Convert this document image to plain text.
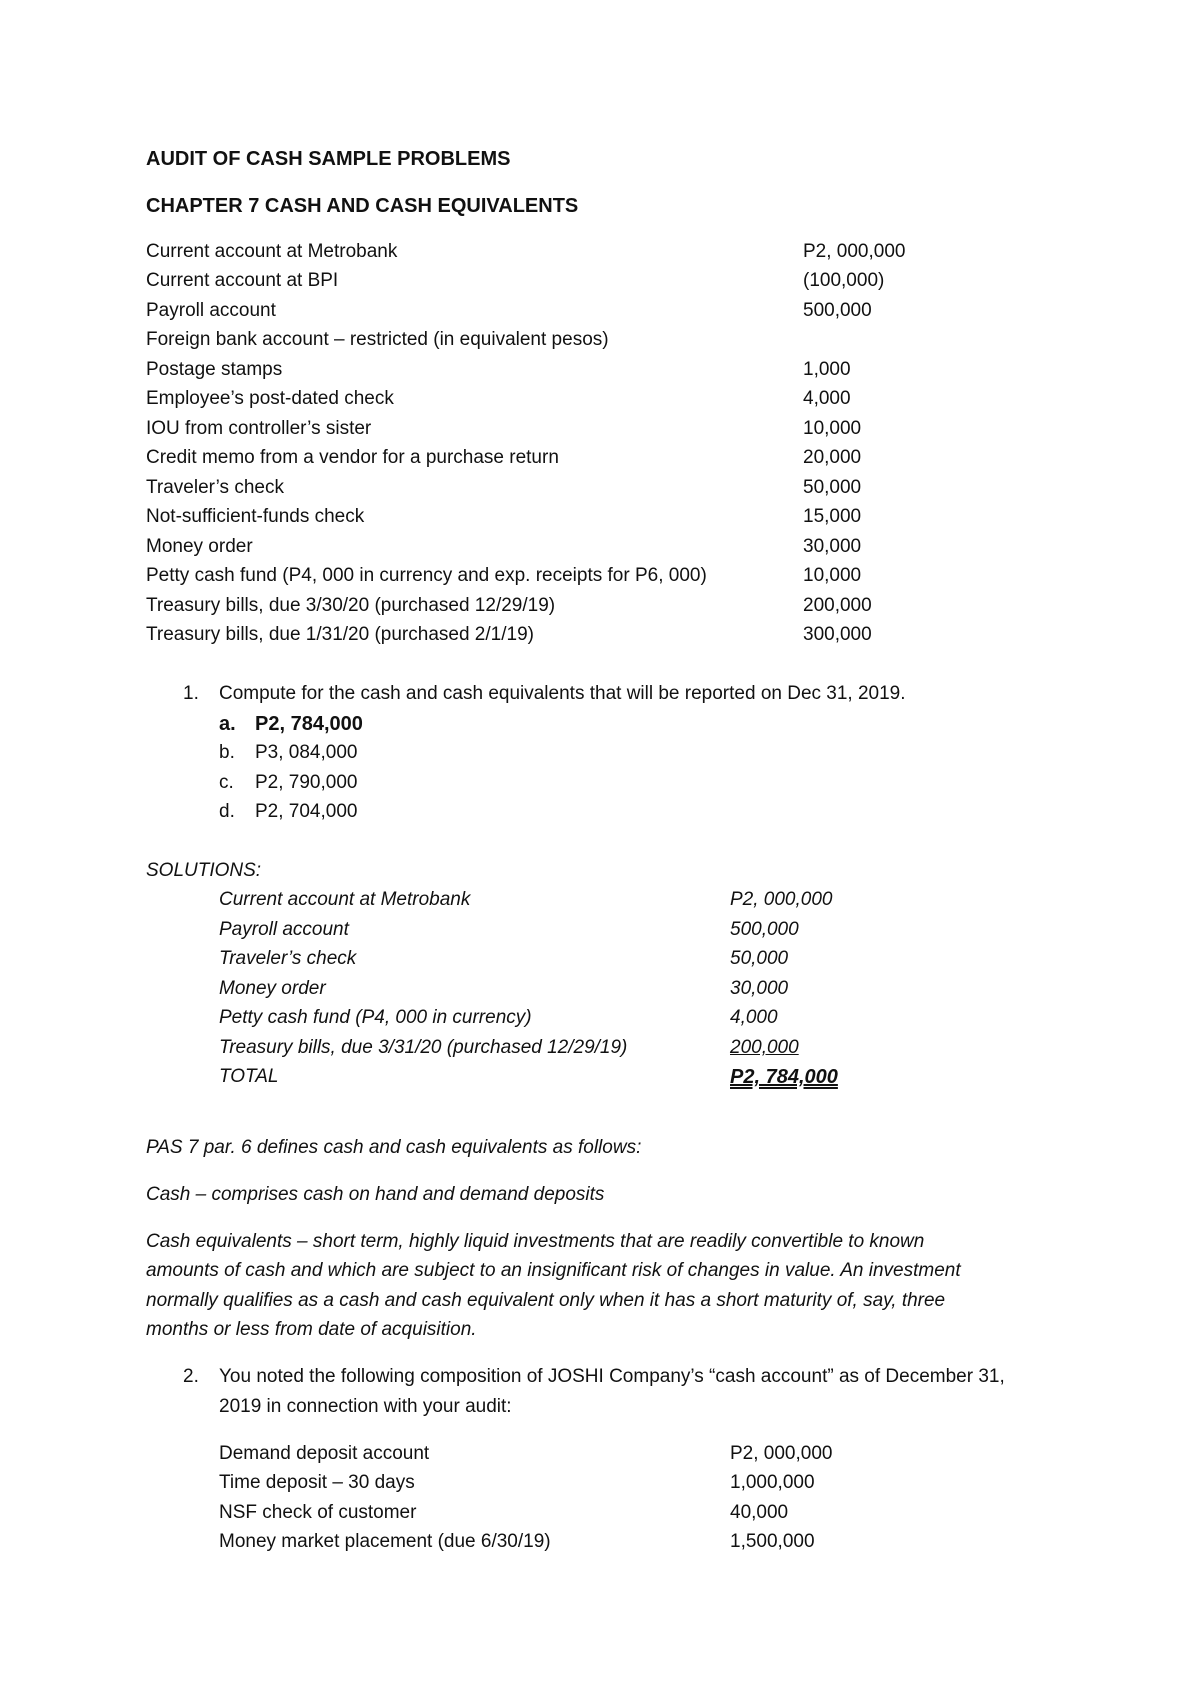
AUDIT OF CASH SAMPLE PROBLEMS
CHAPTER 7 CASH AND CASH EQUIVALENTS
Current account at Metrobank	P2, 000,000
Current account at BPI	(100,000)
Payroll account	500,000
Foreign bank account – restricted (in equivalent pesos)
Postage stamps	1,000
Employee’s post-dated check	4,000
IOU from controller’s sister	10,000
Credit memo from a vendor for a purchase return	20,000
Traveler’s check	50,000
Not-sufficient-funds check	15,000
Money order	30,000
Petty cash fund (P4, 000 in currency and exp. receipts for P6, 000)	10,000
Treasury bills, due 3/30/20 (purchased 12/29/19)	200,000
Treasury bills, due 1/31/20 (purchased 2/1/19)	300,000
1. Compute for the cash and cash equivalents that will be reported on Dec 31, 2019.
a. P2, 784,000
b. P3, 084,000
c. P2, 790,000
d. P2, 704,000
SOLUTIONS:
Current account at Metrobank	P2, 000,000
Payroll account	500,000
Traveler’s check	50,000
Money order	30,000
Petty cash fund (P4, 000 in currency)	4,000
Treasury bills, due 3/31/20 (purchased 12/29/19)	200,000
TOTAL	P2, 784,000
PAS 7 par. 6 defines cash and cash equivalents as follows:
Cash – comprises cash on hand and demand deposits
Cash equivalents – short term, highly liquid investments that are readily convertible to known
amounts of cash and which are subject to an insignificant risk of changes in value. An investment
normally qualifies as a cash and cash equivalent only when it has a short maturity of, say, three
months or less from date of acquisition.
2. You noted the following composition of JOSHI Company’s “cash account” as of December 31,
2019 in connection with your audit:
Demand deposit account	P2, 000,000
Time deposit – 30 days	1,000,000
NSF check of customer	40,000
Money market placement (due 6/30/19)	1,500,000
